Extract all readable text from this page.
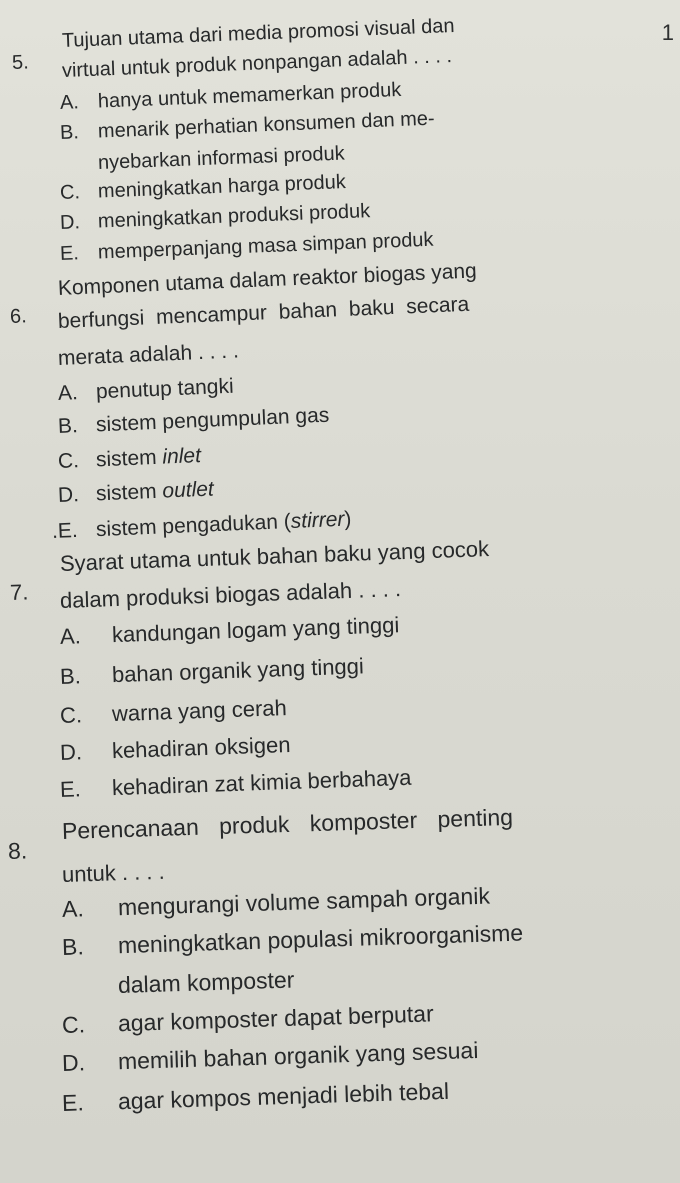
1
5.
Tujuan utama dari media promosi visual dan
virtual untuk produk nonpangan adalah . . . .
A. hanya untuk memamerkan produk
B. menarik perhatian konsumen dan me-
nyebarkan informasi produk
C. meningkatkan harga produk
D. meningkatkan produksi produk
E. memperpanjang masa simpan produk
6.
Komponen utama dalam reaktor biogas yang
berfungsi mencampur bahan baku secara
merata adalah . . . .
A. penutup tangki
B. sistem pengumpulan gas
C. sistem inlet
D. sistem outlet
.E. sistem pengadukan (stirrer)
7.
Syarat utama untuk bahan baku yang cocok
dalam produksi biogas adalah . . . .
A. kandungan logam yang tinggi
B. bahan organik yang tinggi
C. warna yang cerah
D. kehadiran oksigen
E. kehadiran zat kimia berbahaya
8.
Perencanaan produk komposter penting
untuk . . . .
A. mengurangi volume sampah organik
B. meningkatkan populasi mikroorganisme
dalam komposter
C. agar komposter dapat berputar
D. memilih bahan organik yang sesuai
E. agar kompos menjadi lebih tebal
